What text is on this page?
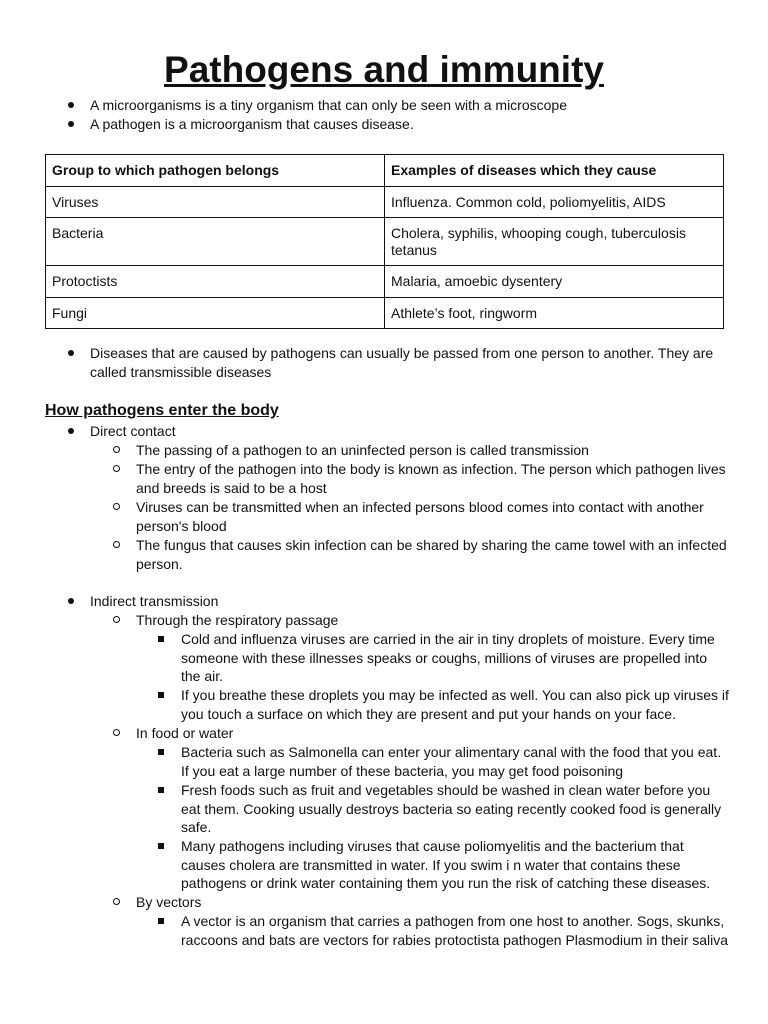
Pathogens and immunity
A microorganisms is a tiny organism that can only be seen with a microscope
A pathogen is a microorganism that causes disease.
Group to which pathogen belongs	Examples of diseases which they cause
Viruses	Influenza. Common cold, poliomyelitis, AIDS
Bacteria	Cholera, syphilis, whooping cough, tuberculosis tetanus
Protoctists	Malaria, amoebic dysentery
Fungi	Athlete’s foot, ringworm
Diseases that are caused by pathogens can usually be passed from one person to another. They are called transmissible diseases
How pathogens enter the body
Direct contact
The passing of a pathogen to an uninfected person is called transmission
The entry of the pathogen into the body is known as infection. The person which pathogen lives and breeds is said to be a host
Viruses can be transmitted when an infected persons blood comes into contact with another person's blood
The fungus that causes skin infection can be shared by sharing the came towel with an infected person.
Indirect transmission
Through the respiratory passage
Cold and influenza viruses are carried in the air in tiny droplets of moisture. Every time someone with these illnesses speaks or coughs, millions of viruses are propelled into the air.
If you breathe these droplets you may be infected as well. You can also pick up viruses if you touch a surface on which they are present and put your hands on your face.
In food or water
Bacteria such as Salmonella can enter your alimentary canal with the food that you eat. If you eat a large number of these bacteria, you may get food poisoning
Fresh foods such as fruit and vegetables should be washed in clean water before you eat them. Cooking usually destroys bacteria so eating recently cooked food is generally safe.
Many pathogens including viruses that cause poliomyelitis and the bacterium that causes cholera are transmitted in water. If you swim i n water that contains these pathogens or drink water containing them you run the risk of catching these diseases.
By vectors
A vector is an organism that carries a pathogen from one host to another. Sogs, skunks, raccoons and bats are vectors for rabies protoctista pathogen Plasmodium in their saliva
